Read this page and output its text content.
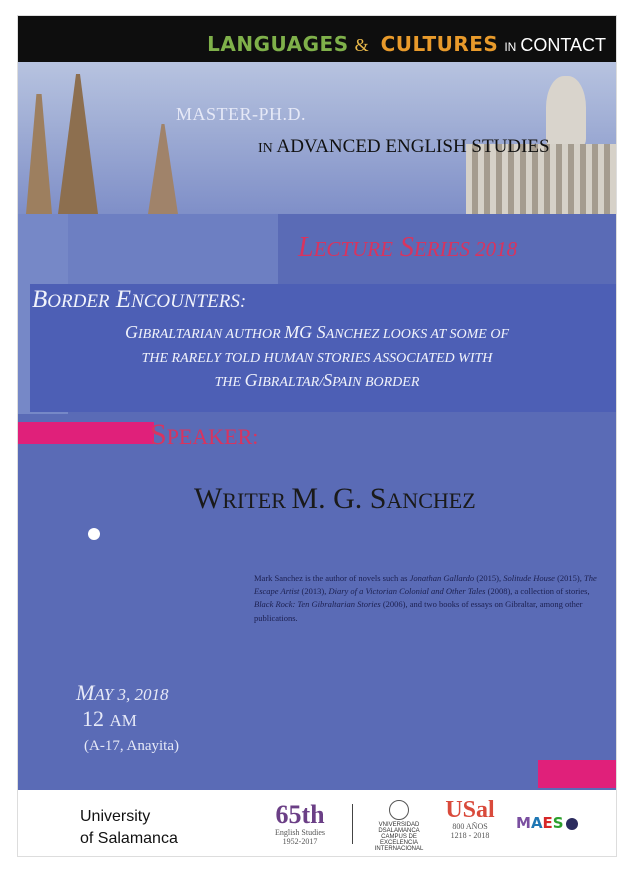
LANGUAGES & CULTURES IN CONTACT
MASTER-PH.D.
IN ADVANCED ENGLISH STUDIES
LECTURE SERIES 2018
BORDER ENCOUNTERS:
GIBRALTARIAN AUTHOR MG SANCHEZ LOOKS AT SOME OF
THE RARELY TOLD HUMAN STORIES ASSOCIATED WITH
THE GIBRALTAR/SPAIN BORDER
SPEAKER:
WRITER M. G. SANCHEZ
Mark Sanchez is the author of novels such as Jonathan Gallardo (2015), Solitude House (2015), The Escape Artist (2013), Diary of a Victorian Colonial and Other Tales (2008), a collection of stories, Black Rock: Ten Gibraltarian Stories (2006), and two books of essays on Gibraltar, among other publications.
MAY 3, 2018
12 AM
(A-17, Anayita)
University
of Salamanca
65th
English Studies
1952-2017
VNIVERSIDAD
DSALAMANCA
CAMPUS DE EXCELENCIA INTERNACIONAL
USal
800 AÑOS
1218 - 2018
MAES
